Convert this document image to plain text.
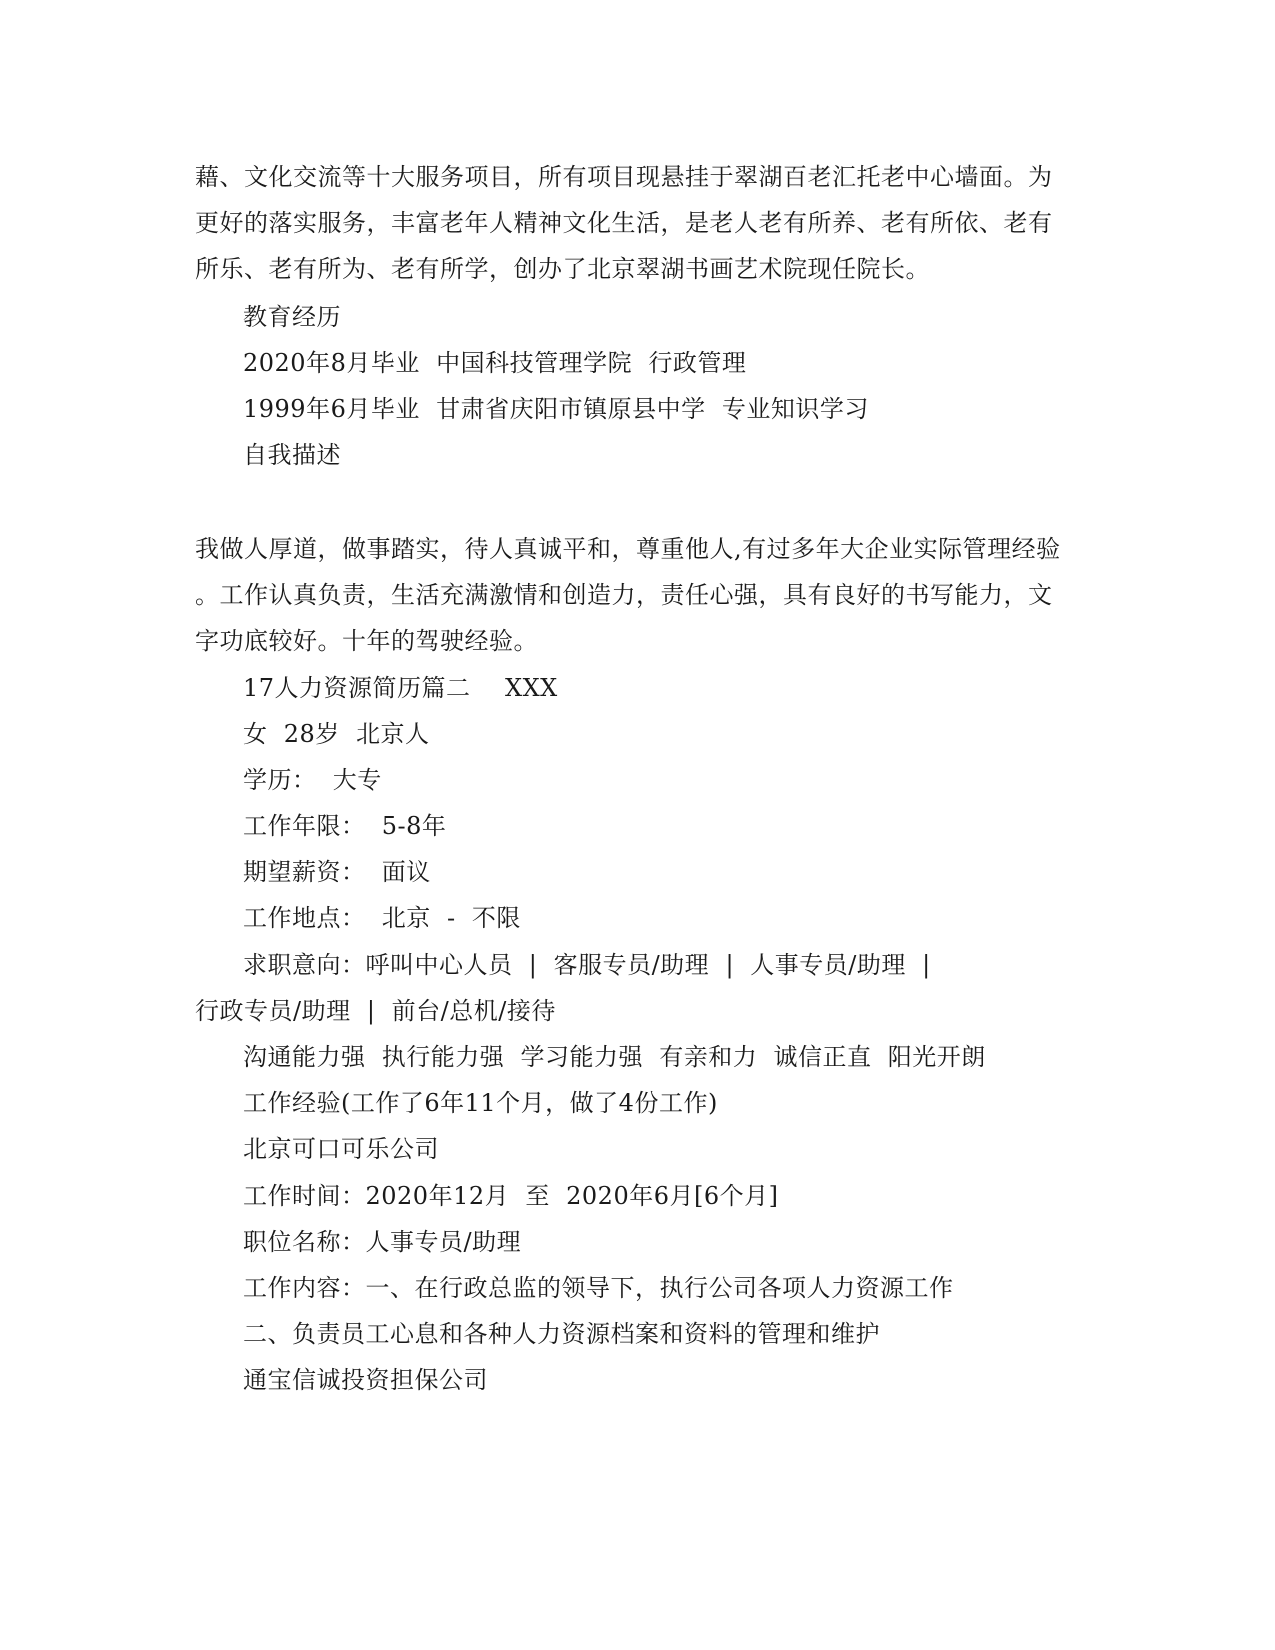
藉、文化交流等十大服务项目，所有项目现悬挂于翠湖百老汇托老中心墙面。为
更好的落实服务，丰富老年人精神文化生活，是老人老有所养、老有所依、老有
所乐、老有所为、老有所学，创办了北京翠湖书画艺术院现任院长。
教育经历
2020年8月毕业  中国科技管理学院  行政管理
1999年6月毕业  甘肃省庆阳市镇原县中学  专业知识学习
自我描述
我做人厚道，做事踏实，待人真诚平和，尊重他人,有过多年大企业实际管理经验
。工作认真负责，生活充满激情和创造力，责任心强，具有良好的书写能力，文
字功底较好。十年的驾驶经验。
17人力资源简历篇二 XXX
女  28岁  北京人
学历：  大专
工作年限：  5-8年
期望薪资：  面议
工作地点：  北京  -  不限
求职意向：呼叫中心人员  |  客服专员/助理  |  人事专员/助理  |
行政专员/助理  |  前台/总机/接待
沟通能力强  执行能力强  学习能力强  有亲和力  诚信正直  阳光开朗
工作经验(工作了6年11个月，做了4份工作)
北京可口可乐公司
工作时间：2020年12月  至  2020年6月[6个月]
职位名称：人事专员/助理
工作内容：一、在行政总监的领导下，执行公司各项人力资源工作
二、负责员工心息和各种人力资源档案和资料的管理和维护
通宝信诚投资担保公司
